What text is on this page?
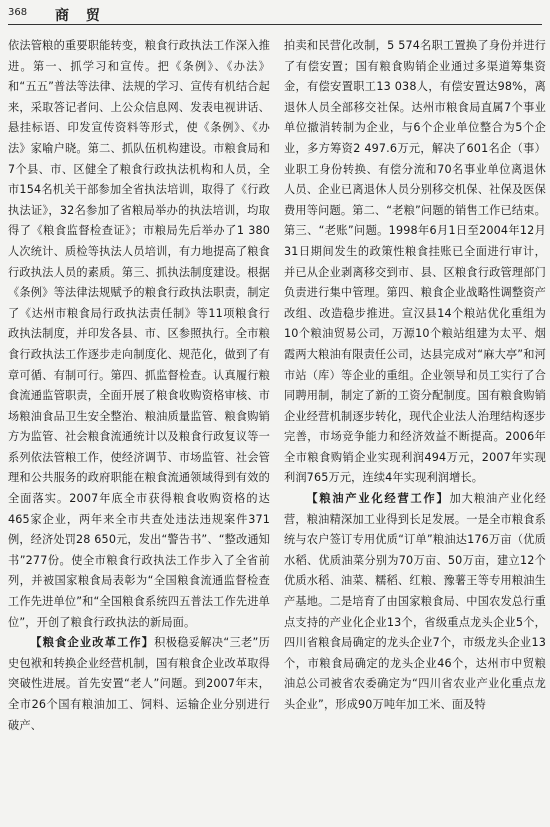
368 商 贸

依法管粮的重要职能转变，粮食行政执法工作深入推进。第一、抓学习和宣传。把《条例》、《办法》和“五五”普法等法律、法规的学习、宣传有机结合起来，采取答记者问、上公众信息网、发表电视讲话、悬挂标语、印发宣传资料等形式，使《条例》、《办法》家喻户晓。第二、抓队伍机构建设。市粮食局和7个县、市、区健全了粮食行政执法机构和人员，全市154名机关干部参加全省执法培训，取得了《行政执法证》，32名参加了省粮局举办的执法培训，均取得了《粮食监督检查证》；市粮局先后举办了1 380人次统计、质检等执法人员培训，有力地提高了粮食行政执法人员的素质。第三、抓执法制度建设。根据《条例》等法律法规赋予的粮食行政执法职责，制定了《达州市粮食局行政执法责任制》等11项粮食行政执法制度，并印发各县、市、区参照执行。全市粮食行政执法工作逐步走向制度化、规范化，做到了有章可循、有制可行。第四、抓监督检查。认真履行粮食流通监管职责，全面开展了粮食收购资格审核、市场粮油食品卫生安全整治、粮油质量监管、粮食购销方为监管、社会粮食流通统计以及粮食行政复议等一系列依法管粮工作，使经济调节、市场监管、社会管理和公共服务的政府职能在粮食流通领域得到有效的全面落实。2007年底全市获得粮食收购资格的达465家企业，两年来全市共查处违法违规案件371例，经济处罚28 650元，发出“警告书”、“整改通知书”277份。使全市粮食行政执法工作步入了全省前列，并被国家粮食局表彰为“全国粮食流通监督检查工作先进单位”和“全国粮食系统四五普法工作先进单位”，开创了粮食行政执法的新局面。

【粮食企业改革工作】积极稳妥解决“三老”历史包袱和转换企业经营机制，国有粮食企业改革取得突破性进展。首先安置“老人”问题。到2007年末，全市26个国有粮油加工、饲料、运输企业分别进行破产、

拍卖和民营化改制，5 574名职工置换了身份并进行了有偿安置；国有粮食购销企业通过多渠道筹集资金，有偿安置职工13 038人，有偿安置达98%，离退休人员全部移交社保。达州市粮食局直属7个事业单位撤消转制为企业，与6个企业单位整合为5个企业，多方筹资2 497.6万元，解决了601名企（事）业职工身份转换、有偿分流和70名事业单位离退休人员、企业已离退休人员分别移交机保、社保及医保费用等问题。第二、“老粮”问题的销售工作已结束。第三、“老账”问题。1998年6月1日至2004年12月31日期间发生的政策性粮食挂账已全面进行审计，并已从企业剥离移交到市、县、区粮食行政管理部门负责进行集中管理。第四、粮食企业战略性调整资产改组、改造稳步推进。宣汉县14个粮站优化重组为10个粮油贸易公司，万源10个粮站组建为太平、烟霞两大粮油有限责任公司，达县完成对“麻大亭”和河市站（库）等企业的重组。企业领导和员工实行了合同聘用制，制定了新的工资分配制度。国有粮食购销企业经营机制逐步转化，现代企业法人治理结构逐步完善，市场竞争能力和经济效益不断提高。2006年全市粮食购销企业实现利润494万元，2007年实现利润765万元，连续4年实现利润增长。

【粮油产业化经营工作】加大粮油产业化经营，粮油精深加工业得到长足发展。一是全市粮食系统与农户签订专用优质“订单”粮油达176万亩（优质水稻、优质油菜分别为70万亩、50万亩，建立12个优质水稻、油菜、糯稻、红粮、豫薯王等专用粮油生产基地。二是培育了由国家粮食局、中国农发总行重点支持的产业化企业13个，省级重点龙头企业5个，四川省粮食局确定的龙头企业7个，市级龙头企业13个，市粮食局确定的龙头企业46个，达州市中贸粮油总公司被省农委确定为“四川省农业产业化重点龙头企业”，形成90万吨年加工米、面及特
